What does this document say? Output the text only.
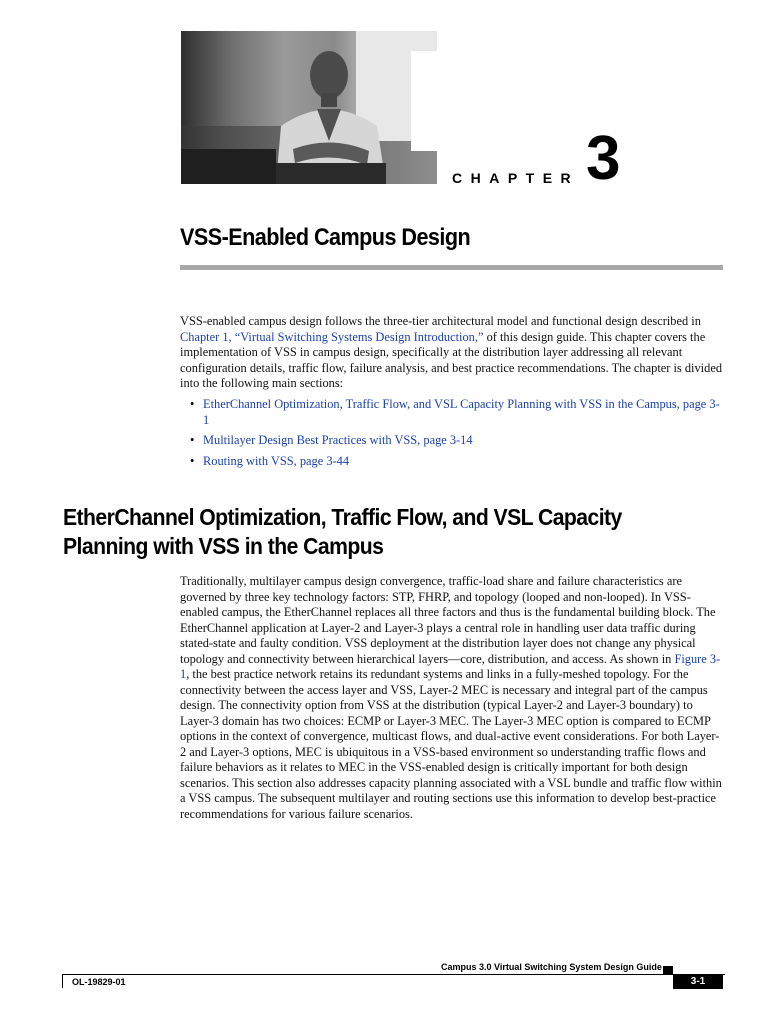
CHAPTER 3
VSS-Enabled Campus Design

VSS-enabled campus design follows the three-tier architectural model and functional design described in Chapter 1, “Virtual Switching Systems Design Introduction,” of this design guide. This chapter covers the implementation of VSS in campus design, specifically at the distribution layer addressing all relevant configuration details, traffic flow, failure analysis, and best practice recommendations. The chapter is divided into the following main sections:

• EtherChannel Optimization, Traffic Flow, and VSL Capacity Planning with VSS in the Campus, page 3-1
• Multilayer Design Best Practices with VSS, page 3-14
• Routing with VSS, page 3-44
EtherChannel Optimization, Traffic Flow, and VSL Capacity
Planning with VSS in the Campus

Traditionally, multilayer campus design convergence, traffic-load share and failure characteristics are governed by three key technology factors: STP, FHRP, and topology (looped and non-looped). In VSS-enabled campus, the EtherChannel replaces all three factors and thus is the fundamental building block. The EtherChannel application at Layer-2 and Layer-3 plays a central role in handling user data traffic during stated-state and faulty condition. VSS deployment at the distribution layer does not change any physical topology and connectivity between hierarchical layers—core, distribution, and access. As shown in Figure 3-1, the best practice network retains its redundant systems and links in a fully-meshed topology. For the connectivity between the access layer and VSS, Layer-2 MEC is necessary and integral part of the campus design. The connectivity option from VSS at the distribution (typical Layer-2 and Layer-3 boundary) to Layer-3 domain has two choices: ECMP or Layer-3 MEC. The Layer-3 MEC option is compared to ECMP options in the context of convergence, multicast flows, and dual-active event considerations. For both Layer-2 and Layer-3 options, MEC is ubiquitous in a VSS-based environment so understanding traffic flows and failure behaviors as it relates to MEC in the VSS-enabled design is critically important for both design scenarios. This section also addresses capacity planning associated with a VSL bundle and traffic flow within a VSS campus. The subsequent multilayer and routing sections use this information to develop best-practice recommendations for various failure scenarios.

Campus 3.0 Virtual Switching System Design Guide
OL-19829-01	3-1
